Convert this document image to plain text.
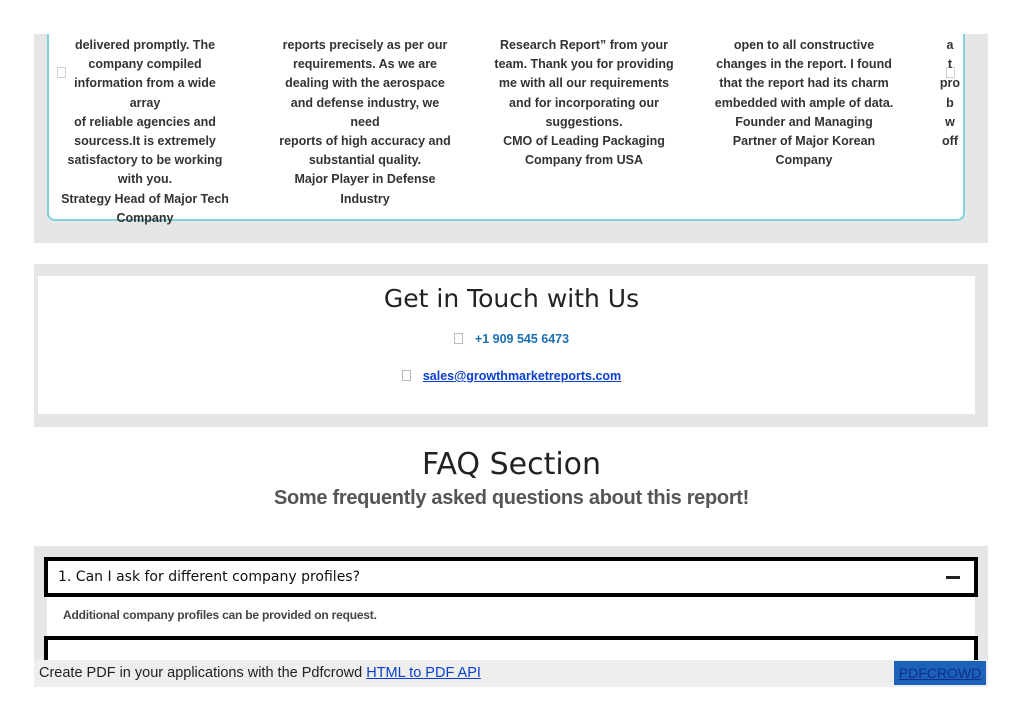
delivered promptly. The

company compiled

information from a wide array

of reliable agencies and

sourcess.It is extremely

satisfactory to be working

with you.

Strategy Head of Major Tech

Company

reports precisely as per our

requirements. As we are

dealing with the aerospace

and defense industry, we need

reports of high accuracy and

substantial quality.

Major Player in Defense

Industry

Research Report” from your

team. Thank you for providing

me with all our requirements

and for incorporating our

suggestions.

CMO of Leading Packaging

Company from USA

open to all constructive

changes in the report. I found

that the report had its charm

embedded with ample of data.

Founder and Managing

Partner of Major Korean

Company

a

t

pro

b

w

off

Get in Touch with Us
+1 909 545 6473
sales@growthmarketreports.com
FAQ Section
Some frequently asked questions about this report!
1. Can I ask for different company profiles?
Additional company profiles can be provided on request.
Create PDF in your applications with the Pdfcrowd HTML to PDF API	PDFCROWD
